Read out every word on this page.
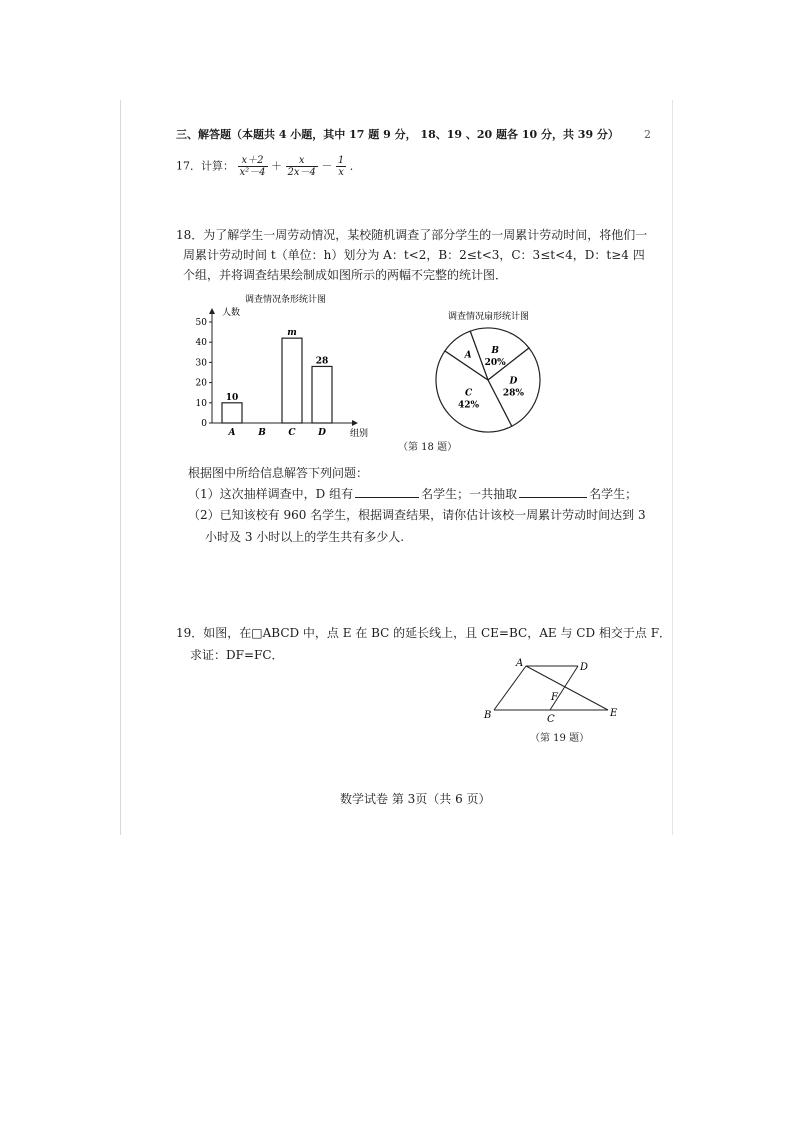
2
三、解答题（本题共 4 小题，其中 17 题 9 分， 18、19 、20 题各 10 分，共 39 分）
17．计算： $\frac{x+2}{\text{x²－4}} + \frac{x}{2x-4} - \frac{1}{x}$ ．
18．为了解学生一周劳动情况，某校随机调查了部分学生的一周累计劳动时间，将他们一
周累计劳动时间 t（单位：h）划分为 A：t<2，B：2≤t<3，C：3≤t<4，D：t≥4 四
个组，并将调查结果绘制成如图所示的两幅不完整的统计图．
调查情况条形统计图
人数
0
10
20
30
40
50
10
A	B
m
C
28
D	组别
调查情况扇形统计图
B
20%
D
28%
C
42%
A
（第 18 题）
根据图中所给信息解答下列问题：
（1）这次抽样调查中，D 组有	名学生；一共抽取	名学生；
（2）已知该校有 960 名学生，根据调查结果，请你估计该校一周累计劳动时间达到 3
小时及 3 小时以上的学生共有多少人.
19．如图，在□ABCD 中，点 E 在 BC 的延长线上，且 CE=BC，AE 与 CD 相交于点 F．
求证：DF=FC．
A	D
F
B	C
E
（第 19 题）
数学试卷 第 3页（共 6 页）
